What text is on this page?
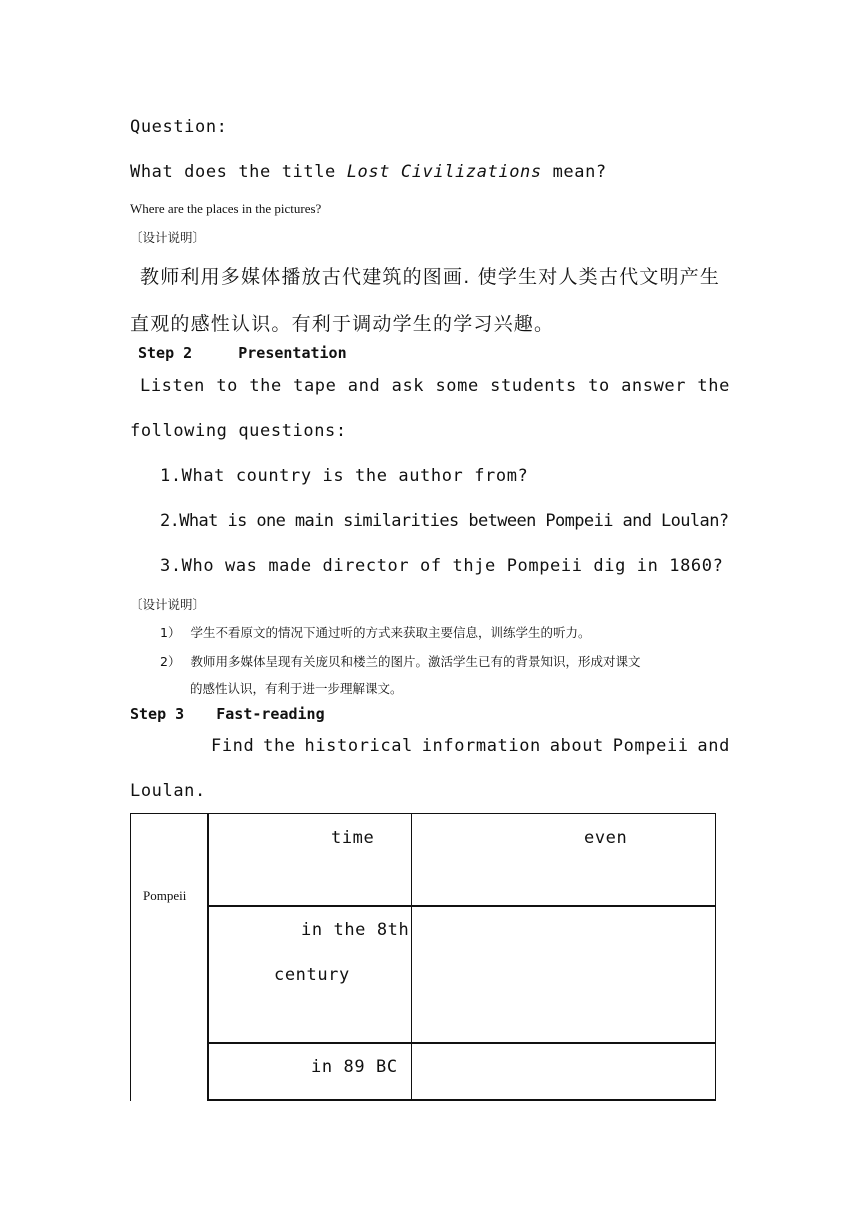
Question:
What does the title Lost Civilizations mean?
Where are the places in the pictures?
〔设计说明〕
教师利用多媒体播放古代建筑的图画. 使学生对人类古代文明产生
直观的感性认识。有利于调动学生的学习兴趣。
Step 2	Presentation
Listen to the tape and ask some students to answer the
following questions:
1.What country is the author from?
2.What is one main similarities between Pompeii and Loulan?
3.Who was made director of thje Pompeii dig in 1860?
〔设计说明〕
1） 学生不看原文的情况下通过听的方式来获取主要信息，训练学生的听力。
2） 教师用多媒体呈现有关庞贝和楼兰的图片。激活学生已有的背景知识，形成对课文
的感性认识，有利于进一步理解课文。
Step 3 Fast-reading
Find the historical information about Pompeii and
Loulan.
Pompeii
time	even
in the 8th
century
in 89 BC
